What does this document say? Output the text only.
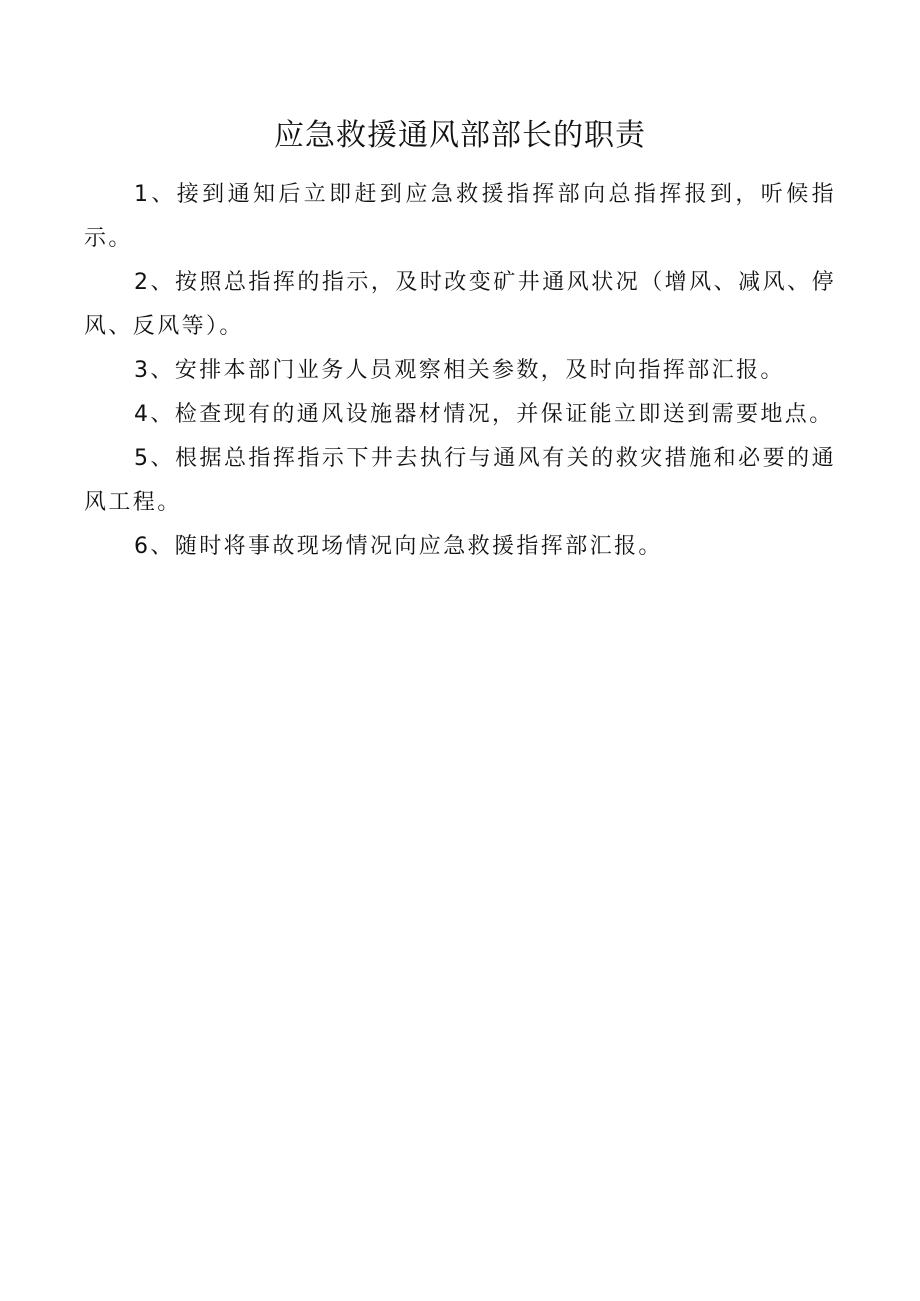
应急救援通风部部长的职责

1、接到通知后立即赶到应急救援指挥部向总指挥报到，听候指示。

2、按照总指挥的指示，及时改变矿井通风状况（增风、减风、停风、反风等）。

3、安排本部门业务人员观察相关参数，及时向指挥部汇报。

4、检查现有的通风设施器材情况，并保证能立即送到需要地点。

5、根据总指挥指示下井去执行与通风有关的救灾措施和必要的通风工程。

6、随时将事故现场情况向应急救援指挥部汇报。
